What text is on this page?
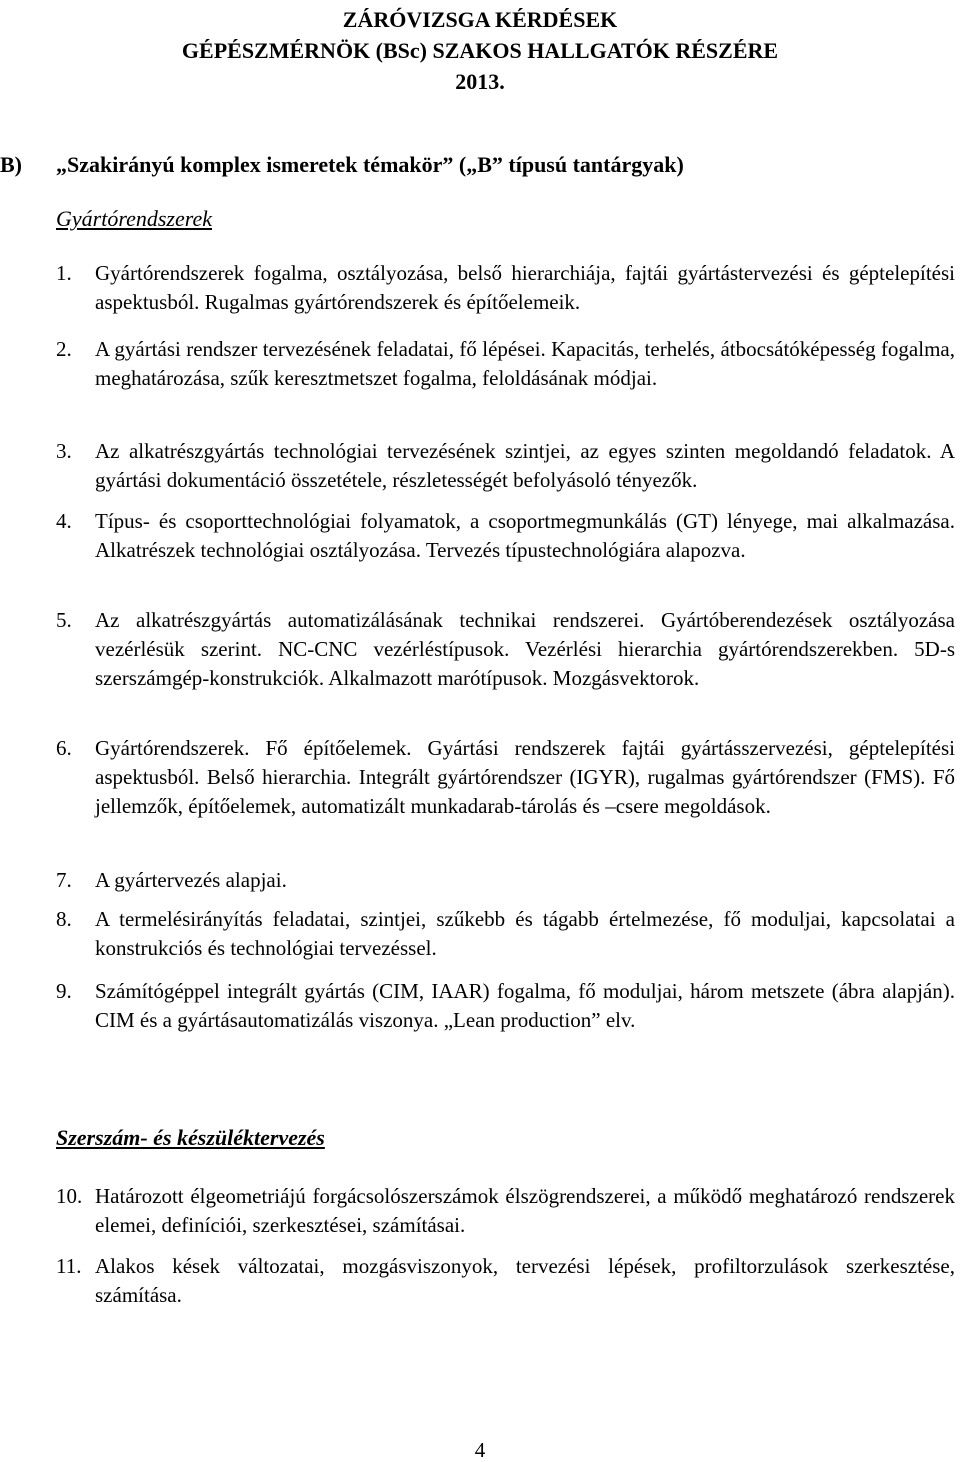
ZÁRÓVIZSGA KÉRDÉSEK
GÉPÉSZMÉRNÖK (BSc) SZAKOS HALLGATÓK RÉSZÉRE
2013.
B) „Szakirányú komplex ismeretek témakör” („B” típusú tantárgyak)
Gyártórendszerek
1.	Gyártórendszerek fogalma, osztályozása, belső hierarchiája, fajtái gyártástervezési és géptelepítési aspektusból. Rugalmas gyártórendszerek és építőelemeik.
2.	A gyártási rendszer tervezésének feladatai, fő lépései. Kapacitás, terhelés, átbocsátóképesség fogalma, meghatározása, szűk keresztmetszet fogalma, feloldásának módjai.
3.	Az alkatrészgyártás technológiai tervezésének szintjei, az egyes szinten megoldandó feladatok. A gyártási dokumentáció összetétele, részletességét befolyásoló tényezők.
4.	Típus- és csoporttechnológiai folyamatok, a csoportmegmunkálás (GT) lényege, mai alkalmazása. Alkatrészek technológiai osztályozása. Tervezés típustechnológiára alapozva.
5.	Az alkatrészgyártás automatizálásának technikai rendszerei. Gyártóberendezések osztályozása vezérlésük szerint. NC-CNC vezérléstípusok. Vezérlési hierarchia gyártórendszerekben. 5D-s szerszámgép-konstrukciók. Alkalmazott marótípusok. Mozgásvektorok.
6.	Gyártórendszerek. Fő építőelemek. Gyártási rendszerek fajtái gyártásszervezési, géptelepítési aspektusból. Belső hierarchia. Integrált gyártórendszer (IGYR), rugalmas gyártórendszer (FMS). Fő jellemzők, építőelemek, automatizált munkadarab-tárolás és –csere megoldások.
7.	A gyártervezés alapjai.
8.	A termelésirányítás feladatai, szintjei, szűkebb és tágabb értelmezése, fő moduljai, kapcsolatai a konstrukciós és technológiai tervezéssel.
9.	Számítógéppel integrált gyártás (CIM, IAAR) fogalma, fő moduljai, három metszete (ábra alapján). CIM és a gyártásautomatizálás viszonya. „Lean production” elv.
Szerszám- és készüléktervezés
10. Határozott élgeometriájú forgácsolószerszámok élszögrendszerei, a működő meghatározó rendszerek elemei, definíciói, szerkesztései, számításai.
11. Alakos kések változatai, mozgásviszonyok, tervezési lépések, profiltorzulások szerkesztése, számítása.
4
